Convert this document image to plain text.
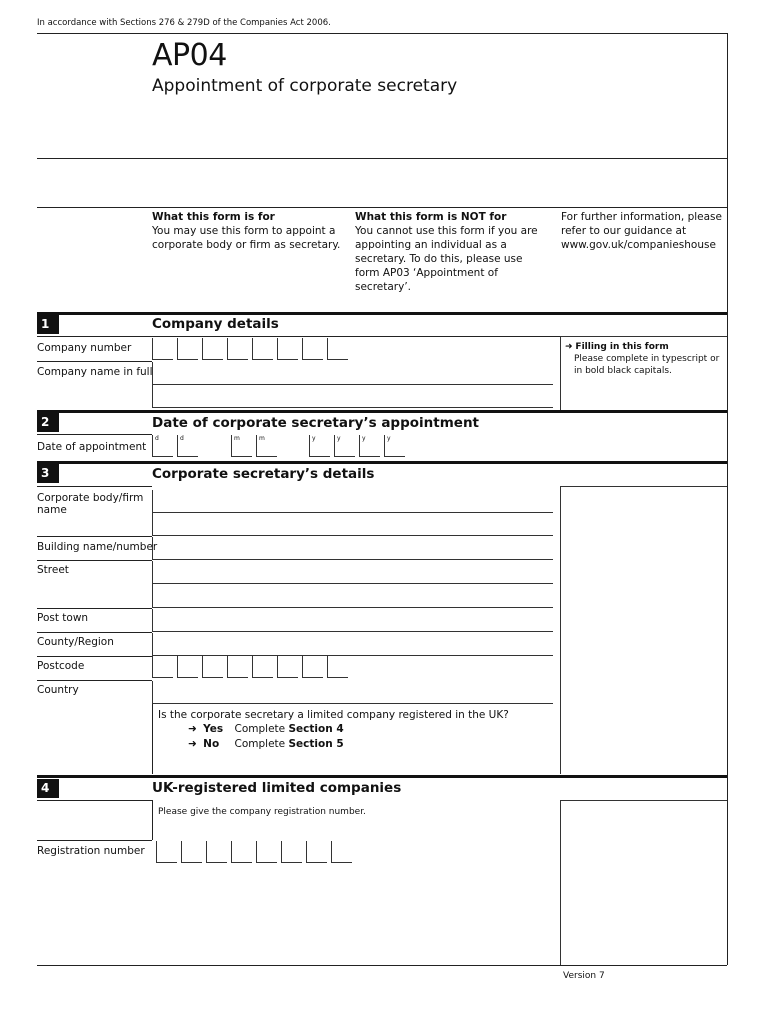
In accordance with Sections 276 & 279D of the Companies Act 2006.
AP04
Appointment of corporate secretary
What this form is for
You may use this form to appoint a corporate body or firm as secretary.
What this form is NOT for
You cannot use this form if you are appointing an individual as a secretary. To do this, please use form AP03 ‘Appointment of secretary’.
For further information, please refer to our guidance at www.gov.uk/companieshouse
1	Company details
Company number
Company name in full
➜ Filling in this form
Please complete in typescript or in bold black capitals.
2	Date of corporate secretary’s appointment
Date of appointment
d	d	m	m	y	y	y	y
3	Corporate secretary’s details
Corporate body/firm name
Building name/number
Street
Post town
County/Region
Postcode
Country
Is the corporate secretary a limited company registered in the UK?
➜ Yes Complete Section 4
➜ No Complete Section 5
4	UK-registered limited companies
Please give the company registration number.
Registration number
Version 7
